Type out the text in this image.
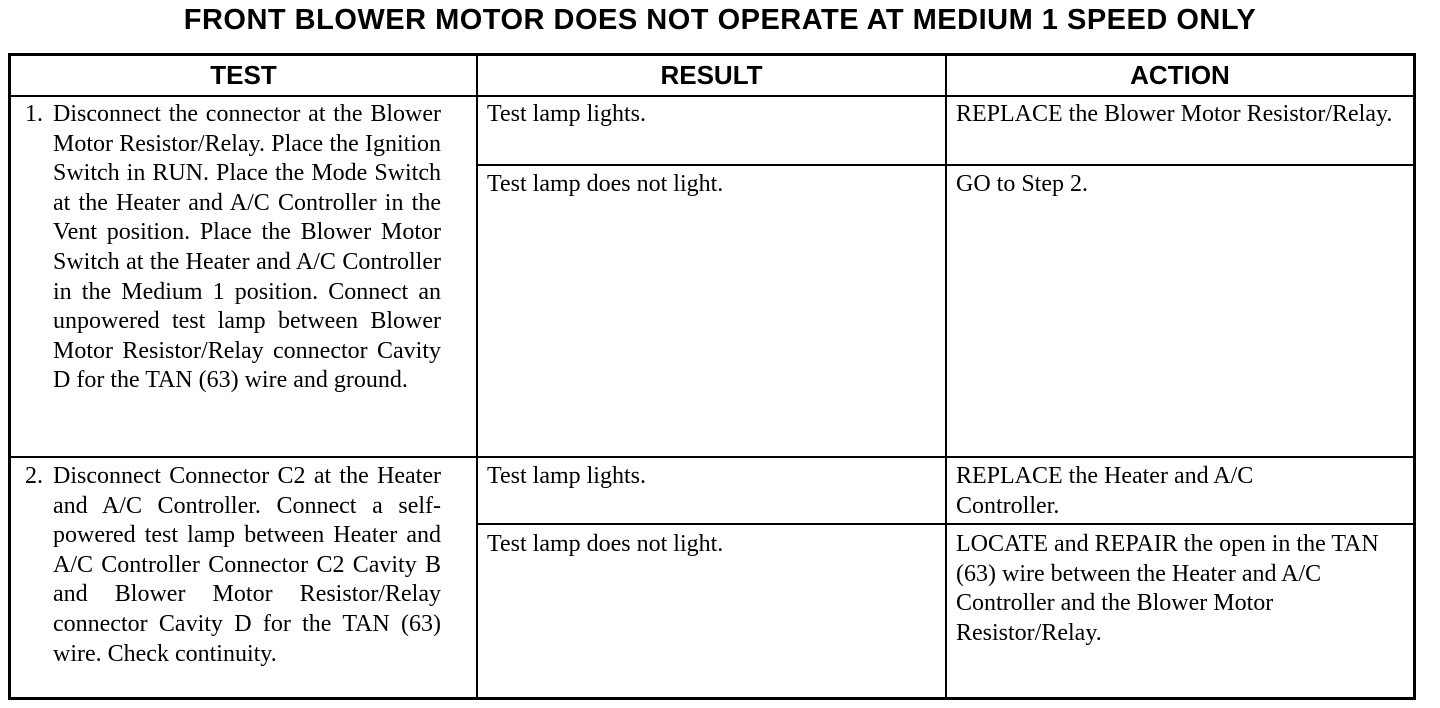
FRONT BLOWER MOTOR DOES NOT OPERATE AT MEDIUM 1 SPEED ONLY
TEST	RESULT	ACTION
1. Disconnect the connector at the Blower Motor Resistor/Relay. Place the Ignition Switch in RUN. Place the Mode Switch at the Heater and A/C Controller in the Vent position. Place the Blower Motor Switch at the Heater and A/C Controller in the Medium 1 position. Connect an unpowered test lamp between Blower Motor Resistor/Relay connector Cavity D for the TAN (63) wire and ground.
Test lamp lights.	REPLACE the Blower Motor Resistor/Relay.
Test lamp does not light.	GO to Step 2.
2. Disconnect Connector C2 at the Heater and A/C Controller. Connect a self-powered test lamp between Heater and A/C Controller Connector C2 Cavity B and Blower Motor Resistor/Relay connector Cavity D for the TAN (63) wire. Check continuity.
Test lamp lights.	REPLACE the Heater and A/C Controller.
Test lamp does not light.	LOCATE and REPAIR the open in the TAN (63) wire between the Heater and A/C Controller and the Blower Motor Resistor/Relay.
